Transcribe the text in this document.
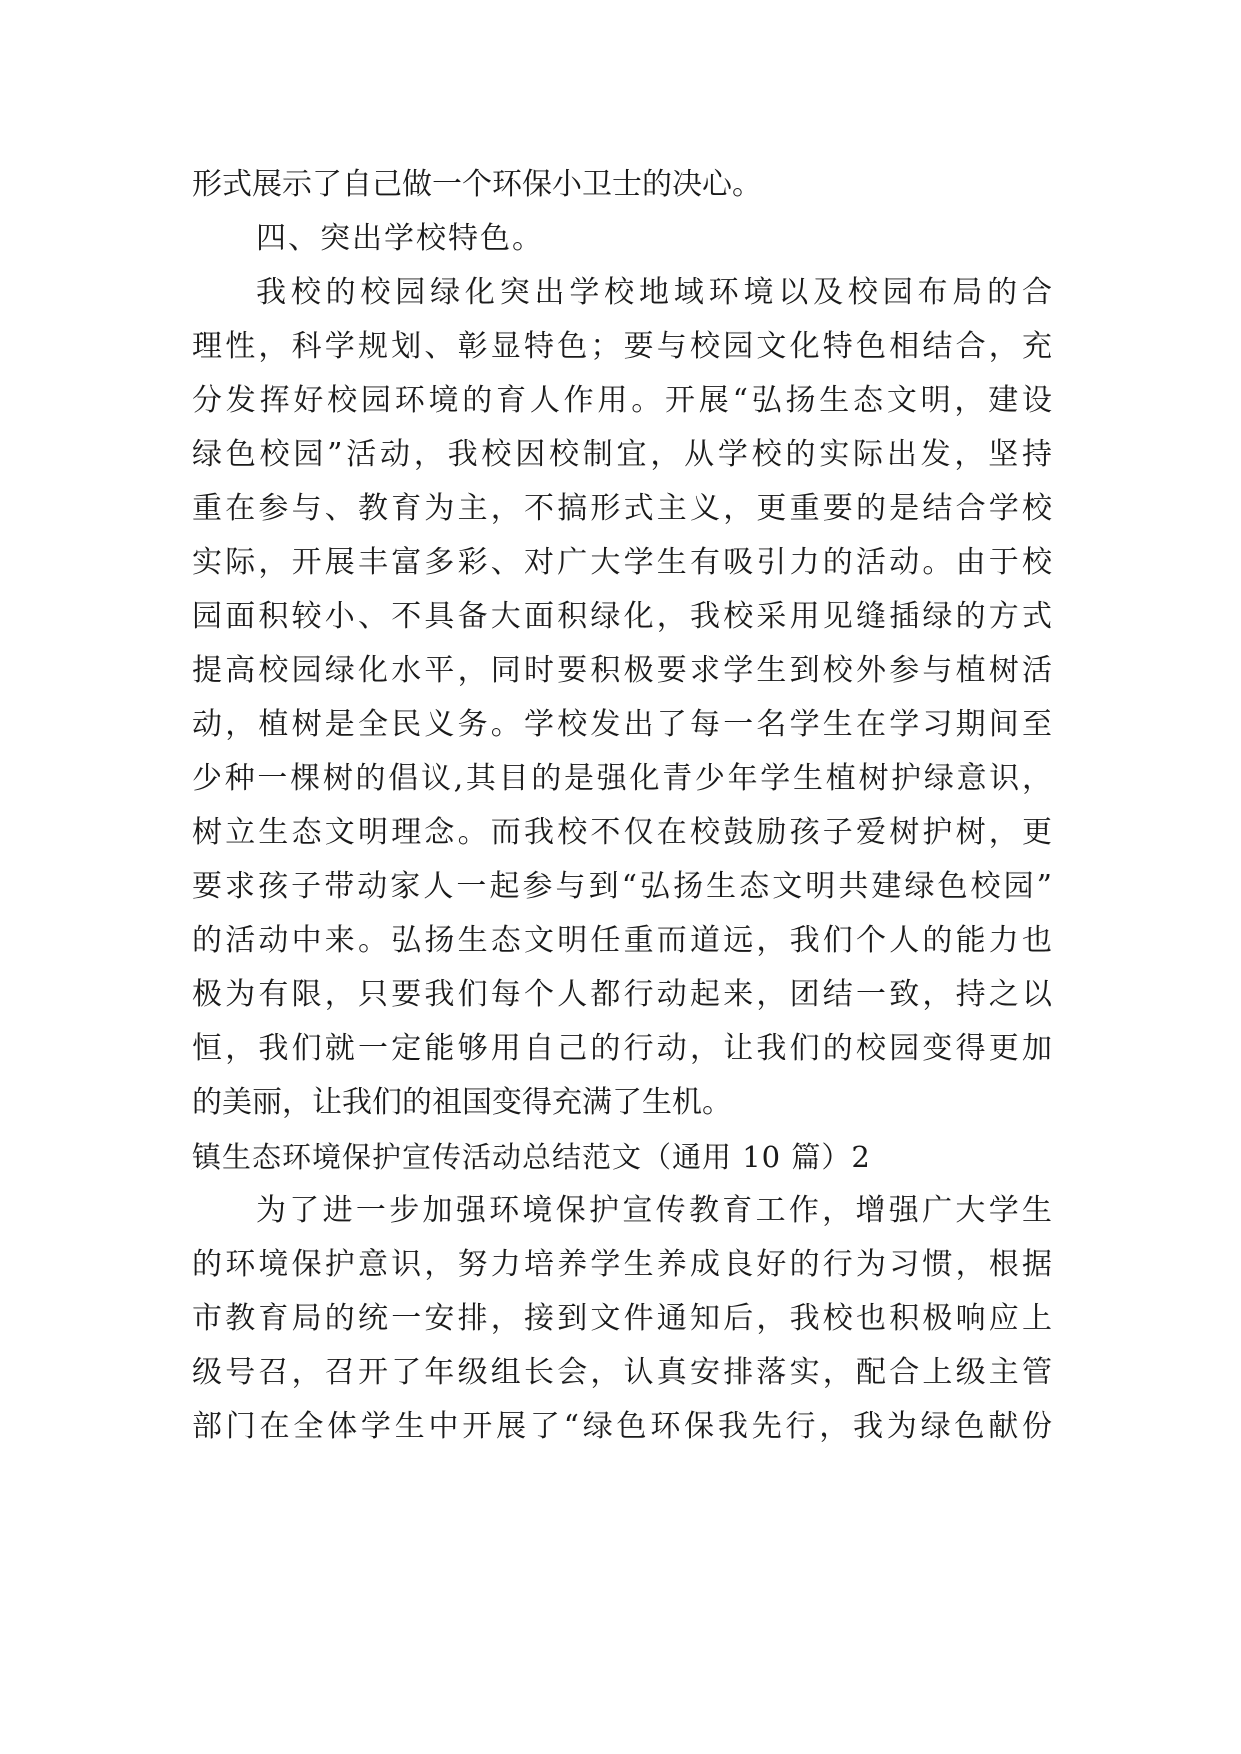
形式展示了自己做一个环保小卫士的决心。
四、突出学校特色。
我校的校园绿化突出学校地域环境以及校园布局的合
理性，科学规划、彰显特色；要与校园文化特色相结合，充
分发挥好校园环境的育人作用。开展“弘扬生态文明，建设
绿色校园”活动，我校因校制宜，从学校的实际出发，坚持
重在参与、教育为主，不搞形式主义，更重要的是结合学校
实际，开展丰富多彩、对广大学生有吸引力的活动。由于校
园面积较小、不具备大面积绿化，我校采用见缝插绿的方式
提高校园绿化水平，同时要积极要求学生到校外参与植树活
动，植树是全民义务。学校发出了每一名学生在学习期间至
少种一棵树的倡议,其目的是强化青少年学生植树护绿意识，
树立生态文明理念。而我校不仅在校鼓励孩子爱树护树，更
要求孩子带动家人一起参与到“弘扬生态文明共建绿色校园”
的活动中来。弘扬生态文明任重而道远，我们个人的能力也
极为有限，只要我们每个人都行动起来，团结一致，持之以
恒，我们就一定能够用自己的行动，让我们的校园变得更加
的美丽，让我们的祖国变得充满了生机。
镇生态环境保护宣传活动总结范文（通用 10 篇）2
为了进一步加强环境保护宣传教育工作，增强广大学生
的环境保护意识，努力培养学生养成良好的行为习惯，根据
市教育局的统一安排，接到文件通知后，我校也积极响应上
级号召，召开了年级组长会，认真安排落实，配合上级主管
部门在全体学生中开展了“绿色环保我先行，我为绿色献份
